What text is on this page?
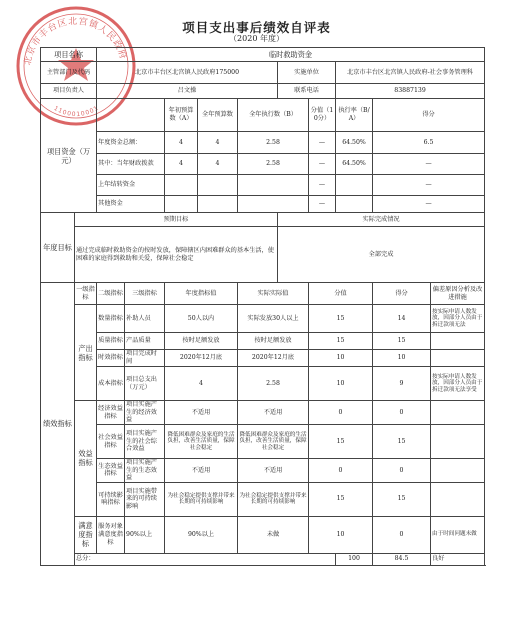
北京市丰台区北宫镇人民政府
1100010001
项目支出事后绩效自评表
（2020 年度）
项目名称		临时救助资金									
主管部门及代码		北京市丰台区北宫镇人民政府175000					实施单位		北京市丰台区北宫镇人民政府-社会事务管理科		
项目负责人		吕文操					联系电话		83887139		
项目资金（万元）				年初预算数（A）	全年预算数	全年执行数（B）		分值（10分）	执行率（B/A）	得分	
		年度资金总额：		4	4	2.58		—	64.50%	6.5	
		其中：当年财政拨款		4	4	2.58		—	64.50%	—	
		上年结转资金						—		—	
		其他资金						—		—	
年度目标	预期目标						实际完成情况				
	通过完成临时救助资金的按时发放，保障辖区内困难群众的基本生活，使困难的家庭得到救助和关爱，保障社会稳定						全部完成				
绩效指标	一级指标	二级指标	三级指标	年度指标值		实际实际值		分值		得分	偏差原因分析及改进措施
	产出指标	数量指标	补助人员	50人以内		实际发放30人以上		15		14	按实际申请人数发放，因部分人员由于拆迁款项无法
		质量指标	产品质量	按时足额发放		按时足额发放		15		15	
		时效指标	项目完成时间	2020年12月底		2020年12月底		10		10	
		成本指标	项目总支出（万元）	4		2.58		10		9	按实际申请人数发放，因部分人员由于拆迁款项无法享受
	效益指标	经济效益指标	项目实施产生的经济效益	不适用		不适用		0		0	
		社会效益指标	项目实施产生的社会综合效益	降低困难群众及家庭的生活负担，改善生活质量，保障社会稳定		降低困难群众及家庭的生活负担，改善生活质量，保障社会稳定		15		15	
		生态效益指标	项目实施产生的生态效益	不适用		不适用		0		0	
		可持续影响指标	项目实施带来的可持续影响	为社会稳定提供支撑并带来长期的可持续影响		为社会稳定提供支撑并带来长期的可持续影响		15		15	
	满意度指标	服务对象满意度指标	90%以上	90%以上		未做		10		0	由于时间问题未做
	总分：								100	84.5	良好
